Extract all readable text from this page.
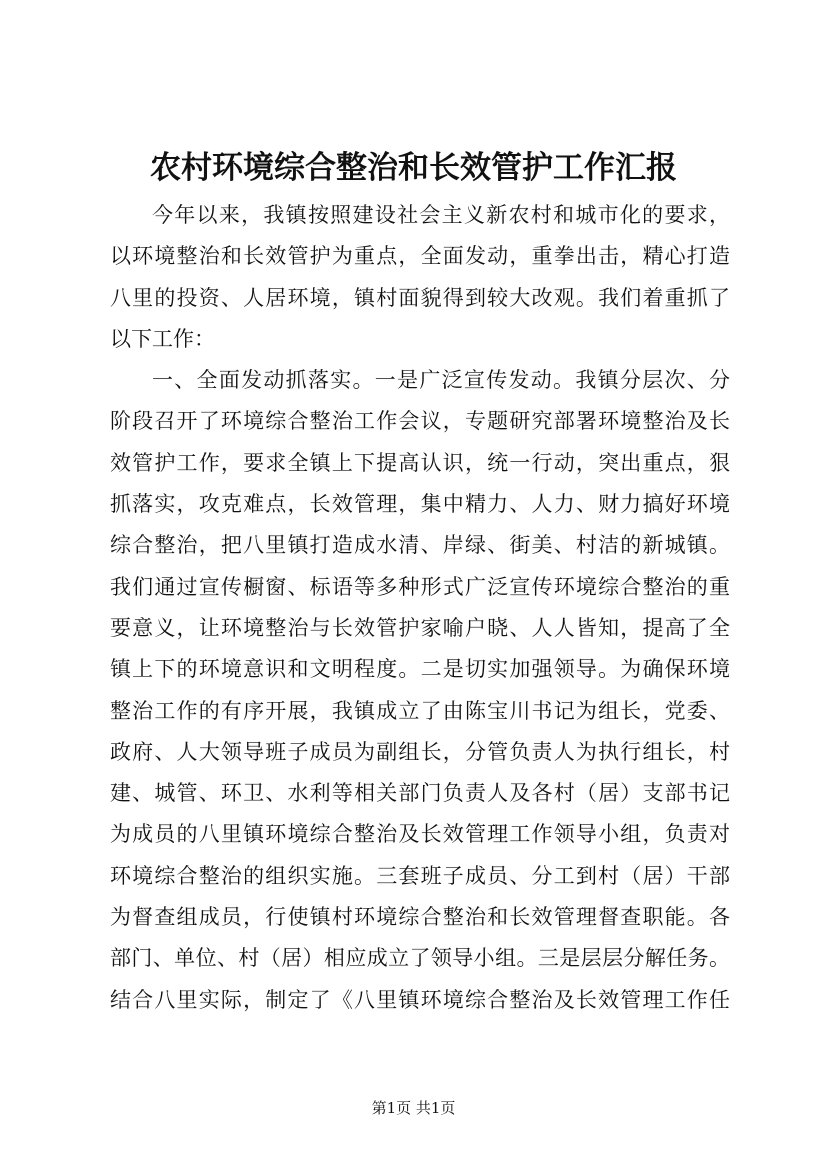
农村环境综合整治和长效管护工作汇报
今年以来，我镇按照建设社会主义新农村和城市化的要求，
以环境整治和长效管护为重点，全面发动，重拳出击，精心打造
八里的投资、人居环境，镇村面貌得到较大改观。我们着重抓了
以下工作：
一、全面发动抓落实。一是广泛宣传发动。我镇分层次、分
阶段召开了环境综合整治工作会议，专题研究部署环境整治及长
效管护工作，要求全镇上下提高认识，统一行动，突出重点，狠
抓落实，攻克难点，长效管理，集中精力、人力、财力搞好环境
综合整治，把八里镇打造成水清、岸绿、街美、村洁的新城镇。
我们通过宣传橱窗、标语等多种形式广泛宣传环境综合整治的重
要意义，让环境整治与长效管护家喻户晓、人人皆知，提高了全
镇上下的环境意识和文明程度。二是切实加强领导。为确保环境
整治工作的有序开展，我镇成立了由陈宝川书记为组长，党委、
政府、人大领导班子成员为副组长，分管负责人为执行组长，村
建、城管、环卫、水利等相关部门负责人及各村（居）支部书记
为成员的八里镇环境综合整治及长效管理工作领导小组，负责对
环境综合整治的组织实施。三套班子成员、分工到村（居）干部
为督查组成员，行使镇村环境综合整治和长效管理督查职能。各
部门、单位、村（居）相应成立了领导小组。三是层层分解任务。
结合八里实际，制定了《八里镇环境综合整治及长效管理工作任
第1页 共1页
